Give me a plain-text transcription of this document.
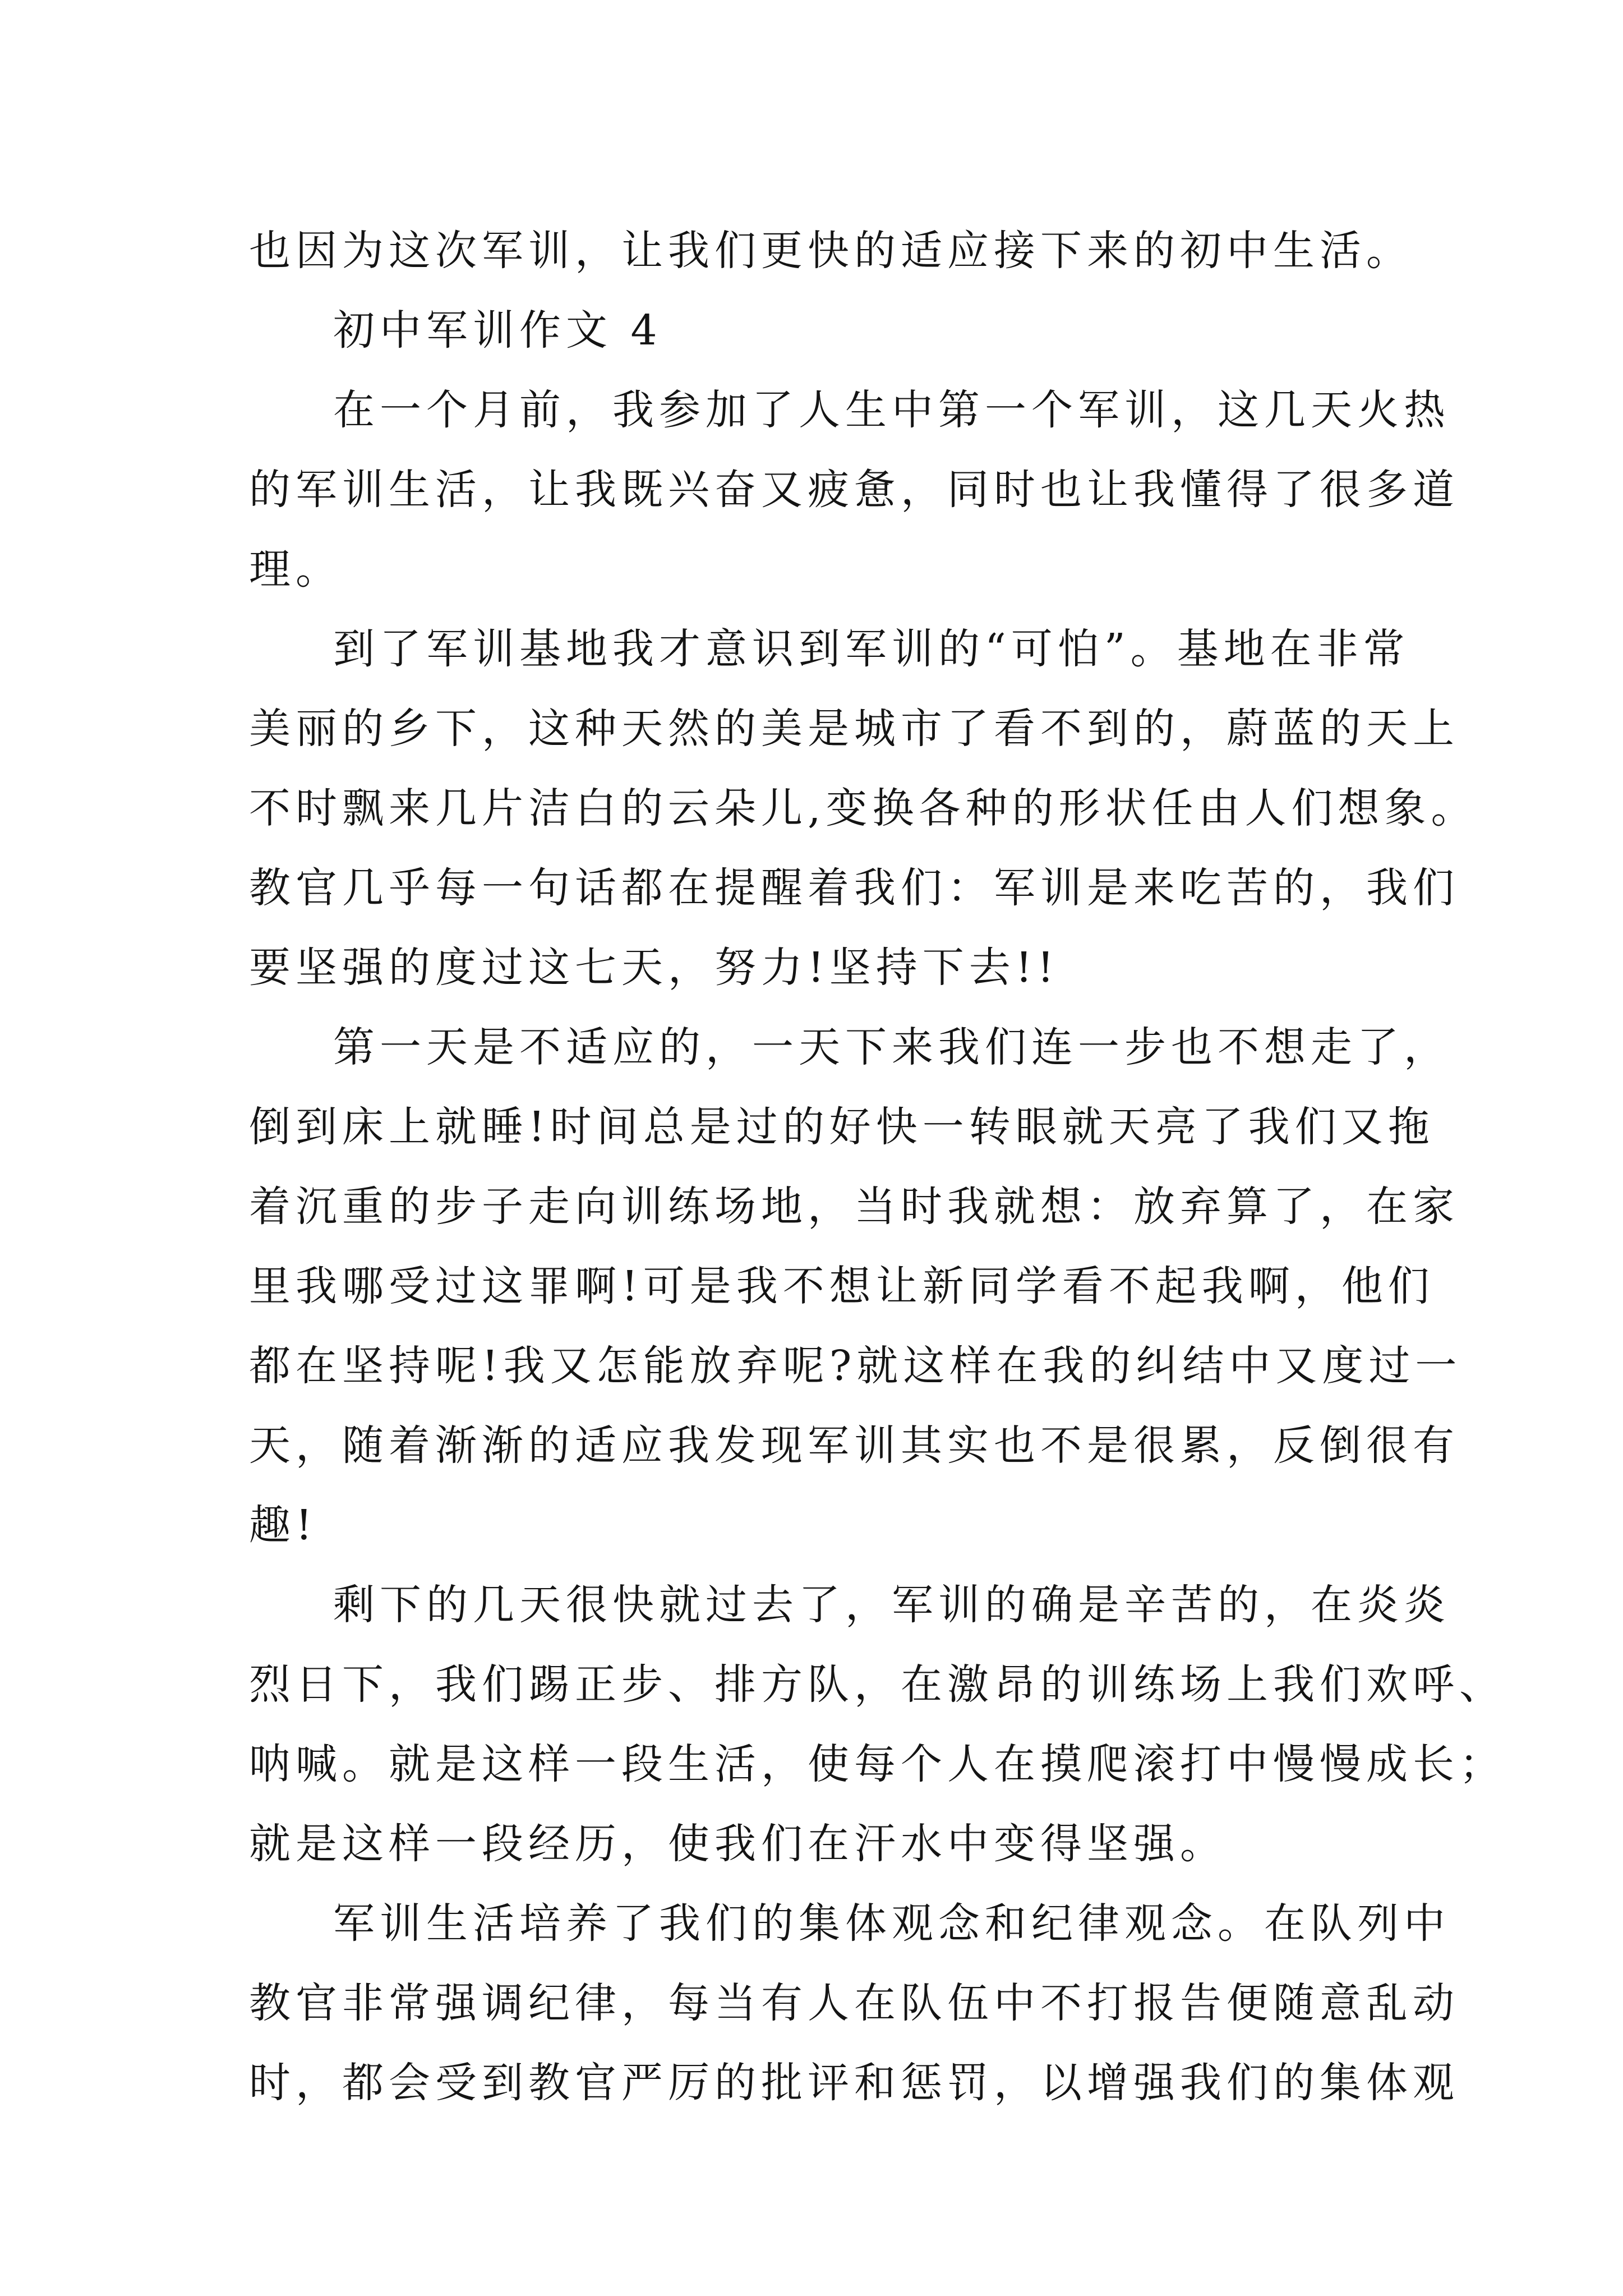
也因为这次军训，让我们更快的适应接下来的初中生活。
初中军训作文 4
在一个月前，我参加了人生中第一个军训，这几天火热
的军训生活，让我既兴奋又疲惫，同时也让我懂得了很多道
理。
到了军训基地我才意识到军训的“可怕”。基地在非常
美丽的乡下，这种天然的美是城市了看不到的，蔚蓝的天上
不时飘来几片洁白的云朵儿,变换各种的形状任由人们想象。
教官几乎每一句话都在提醒着我们：军训是来吃苦的，我们
要坚强的度过这七天，努力!坚持下去!!
第一天是不适应的，一天下来我们连一步也不想走了，
倒到床上就睡!时间总是过的好快一转眼就天亮了我们又拖
着沉重的步子走向训练场地，当时我就想：放弃算了，在家
里我哪受过这罪啊!可是我不想让新同学看不起我啊，他们
都在坚持呢!我又怎能放弃呢?就这样在我的纠结中又度过一
天，随着渐渐的适应我发现军训其实也不是很累，反倒很有
趣!
剩下的几天很快就过去了，军训的确是辛苦的，在炎炎
烈日下，我们踢正步、排方队，在激昂的训练场上我们欢呼、
呐喊。就是这样一段生活，使每个人在摸爬滚打中慢慢成长；
就是这样一段经历，使我们在汗水中变得坚强。
军训生活培养了我们的集体观念和纪律观念。在队列中
教官非常强调纪律，每当有人在队伍中不打报告便随意乱动
时，都会受到教官严厉的批评和惩罚，以增强我们的集体观
